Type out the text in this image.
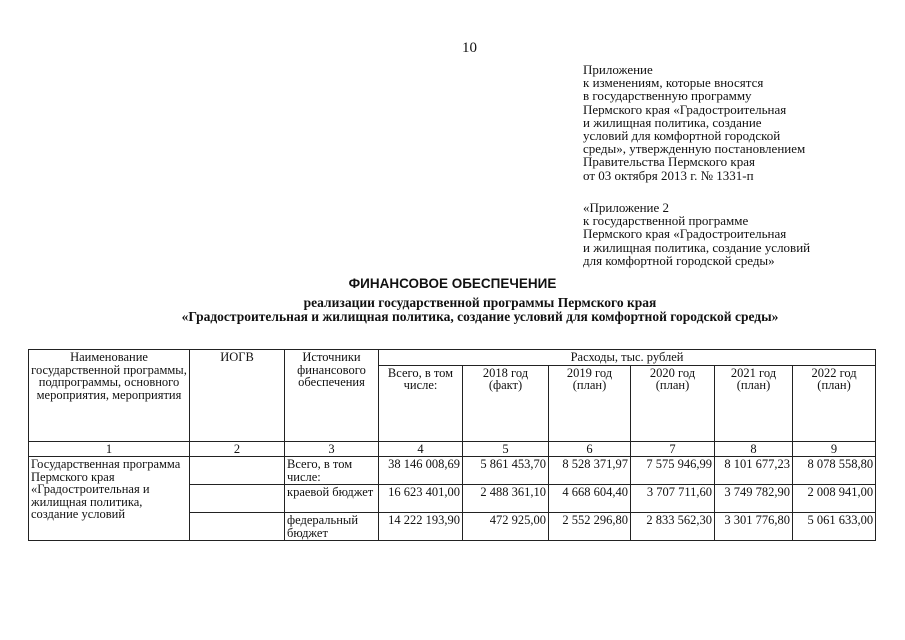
10
Приложение
к изменениям, которые вносятся
в государственную программу
Пермского края «Градостроительная
и жилищная политика, создание
условий для комфортной городской
среды», утвержденную постановлением
Правительства Пермского края
от 03 октября 2013 г. № 1331-п
«Приложение 2
к государственной программе
Пермского края «Градостроительная
и жилищная политика, создание условий
для комфортной городской среды»
ФИНАНСОВОЕ ОБЕСПЕЧЕНИЕ
реализации государственной программы Пермского края
«Градостроительная и жилищная политика, создание условий для комфортной городской среды»
Наименование государственной программы, подпрограммы, основного мероприятия, мероприятия	ИОГВ	Источники финансового обеспечения	Расходы, тыс. рублей					
			Всего, в том числе:	2018 год (факт)	2019 год (план)	2020 год (план)	2021 год (план)	2022 год (план)
1	2	3	4	5	6	7	8	9
Государственная программа Пермского края «Градостроительная и жилищная политика, создание условий		Всего, в том числе:	38 146 008,69	5 861 453,70	8 528 371,97	7 575 946,99	8 101 677,23	8 078 558,80
		краевой бюджет	16 623 401,00	2 488 361,10	4 668 604,40	3 707 711,60	3 749 782,90	2 008 941,00
		федеральный бюджет	14 222 193,90	472 925,00	2 552 296,80	2 833 562,30	3 301 776,80	5 061 633,00
